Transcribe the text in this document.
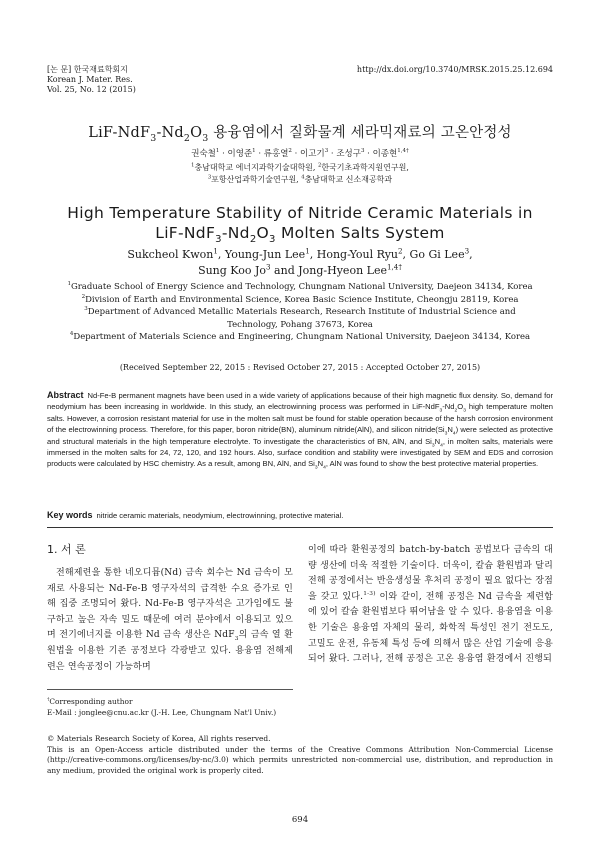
[논 문] 한국재료학회지
Korean J. Mater. Res.
Vol. 25, No. 12 (2015)
http://dx.doi.org/10.3740/MRSK.2015.25.12.694
LiF-$NdF_3-Nd_2O_3$ 용융염에서 질화물계 세라믹재료의 고온안정성
권숙철$^1$ · 이영준$^1$ · 류홍열$^2$ · 이고기$^3$ · 조성구$^3$ · 이종현$^{1,4\dagger}$
$^1$충남대학교 에너지과학기술대학원, $^2$한국기초과학지원연구원,
$^3$포항산업과학기술연구원, $^4$충남대학교 신소재공학과
High Temperature Stability of Nitride Ceramic Materials in
LiF-$NdF_3-Nd_2O_3$ Molten Salts System
Sukcheol Kwon$^1$, Young-Jun Lee$^1$, Hong-Youl Ryu$^2$, Go Gi Lee$^3$,
Sung Koo Jo$^3$ and Jong-Hyeon Lee$^{1,4\dagger}$
$^1$Graduate School of Energy Science and Technology, Chungnam National University, Daejeon 34134, Korea
$^2$Division of Earth and Environmental Science, Korea Basic Science Institute, Cheongju 28119, Korea
$^3$Department of Advanced Metallic Materials Research, Research Institute of Industrial Science and
Technology, Pohang 37673, Korea
$^4$Department of Materials Science and Engineering, Chungnam National University, Daejeon 34134, Korea
(Received September 22, 2015 : Revised October 27, 2015 : Accepted October 27, 2015)
Abstract Nd-Fe-B permanent magnets have been used in a wide variety of applications because of their high magnetic flux density. So, demand for neodymium has been increasing in worldwide. In this study, an electrowinning process was performed in LiF-$NdF_3-Nd_2O_3$ high temperature molten salts. However, a corrosion resistant material for use in the molten salt must be found for stable operation because of the harsh corrosion environment of the electrowinning process. Therefore, for this paper, boron nitride(BN), aluminum nitride(AlN), and silicon $nitride(Si_3N_4)$ were selected as protective and structural materials in the high temperature electrolyte. To investigate the characteristics of BN, AlN, and $Si_3N_4$, in molten salts, materials were immersed in the molten salts for 24, 72, 120, and 192 hours. Also, surface condition and stability were investigated by SEM and EDS and corrosion products were calculated by HSC chemistry. As a result, among BN, AlN, and $Si_3N_4$, AlN was found to show the best protective material properties.
Key words nitride ceramic materials, neodymium, electrowinning, protective material.
1. 서 론
전해제련을 통한 네오디뮴(Nd) 금속 회수는 Nd 금속이 모재로 사용되는 Nd-Fe-B 영구자석의 급격한 수요 증가로 인해 집중 조명되어 왔다. Nd-Fe-B 영구자석은 고가임에도 불구하고 높은 자속 밀도 때문에 여러 분야에서 이용되고 있으며 전기에너지를 이용한 Nd 금속 생산은 NdF$_3$의 금속 열 환원법을 이용한 기존 공정보다 각광받고 있다. 용융염 전해제련은 연속공정이 가능하며
이에 따라 환원공정의 batch-by-batch 공법보다 금속의 대량 생산에 더욱 적절한 기술이다. 더욱이, 칼슘 환원법과 달리 전해 공정에서는 반응생성물 후처리 공정이 필요 없다는 장점을 갖고 있다.$^{1-3)}$ 이와 같이, 전해 공정은 Nd 금속을 제련함에 있어 칼슘 환원법보다 뛰어남을 알 수 있다. 용융염을 이용한 기술은 용융염 자체의 물리, 화학적 특성인 전기 전도도, 고밀도 운전, 유동체 특성 등에 의해서 많은 산업 기술에 응용되어 왔다. 그러나, 전해 공정은 고온 용융염 환경에서 진행되
†Corresponding author
E-Mail : jonglee@cnu.ac.kr (J.-H. Lee, Chungnam Nat'l Univ.)
© Materials Research Society of Korea, All rights reserved.
This is an Open-Access article distributed under the terms of the Creative Commons Attribution Non-Commercial License (http://creative-commons.org/licenses/by-nc/3.0) which permits unrestricted non-commercial use, distribution, and reproduction in any medium, provided the original work is properly cited.
694
